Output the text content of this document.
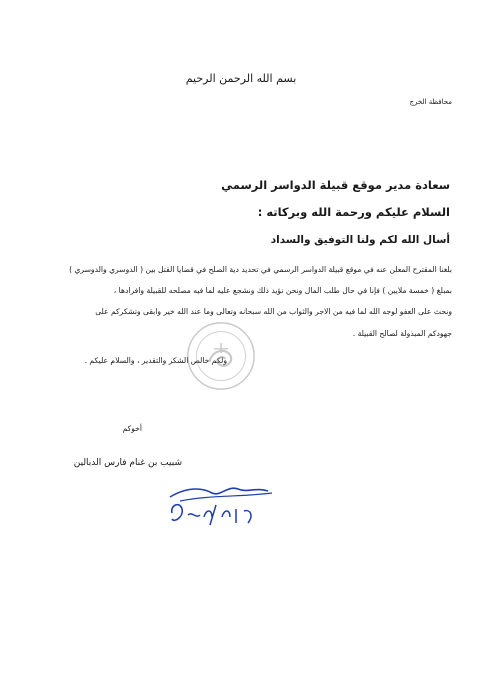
بسم الله الرحمن الرحيم
محافظة الخرج
سعادة مدير موقع قبيلة الدواسر الرسمي
السلام عليكم ورحمة الله وبركاته :
أسال الله لكم ولنا التوفيق والسداد
بلغنا المقترح المعلن عنه في موقع قبيلة الدواسر الرسمي في تحديد دية الصلح في قضايا القتل بين ( الدوسري والدوسري )
بمبلغ ( خمسة ملايين ) فإنا في حال طلب المال ونحن نؤيد ذلك ونشجع عليه لما فيه مصلحه للقبيلة وافرادها ،
ونحث على العفو لوجه الله لما فيه من الاجر والثواب من الله سبحانه وتعالى وما عند الله خير وابقى وتشكركم على
جهودكم المبذولة لصالح القبيلة .
ولكم خالص الشكر والتقدير ، والسلام عليكم .
أخوكم
شبيب بن غنام فارس الدبالين
